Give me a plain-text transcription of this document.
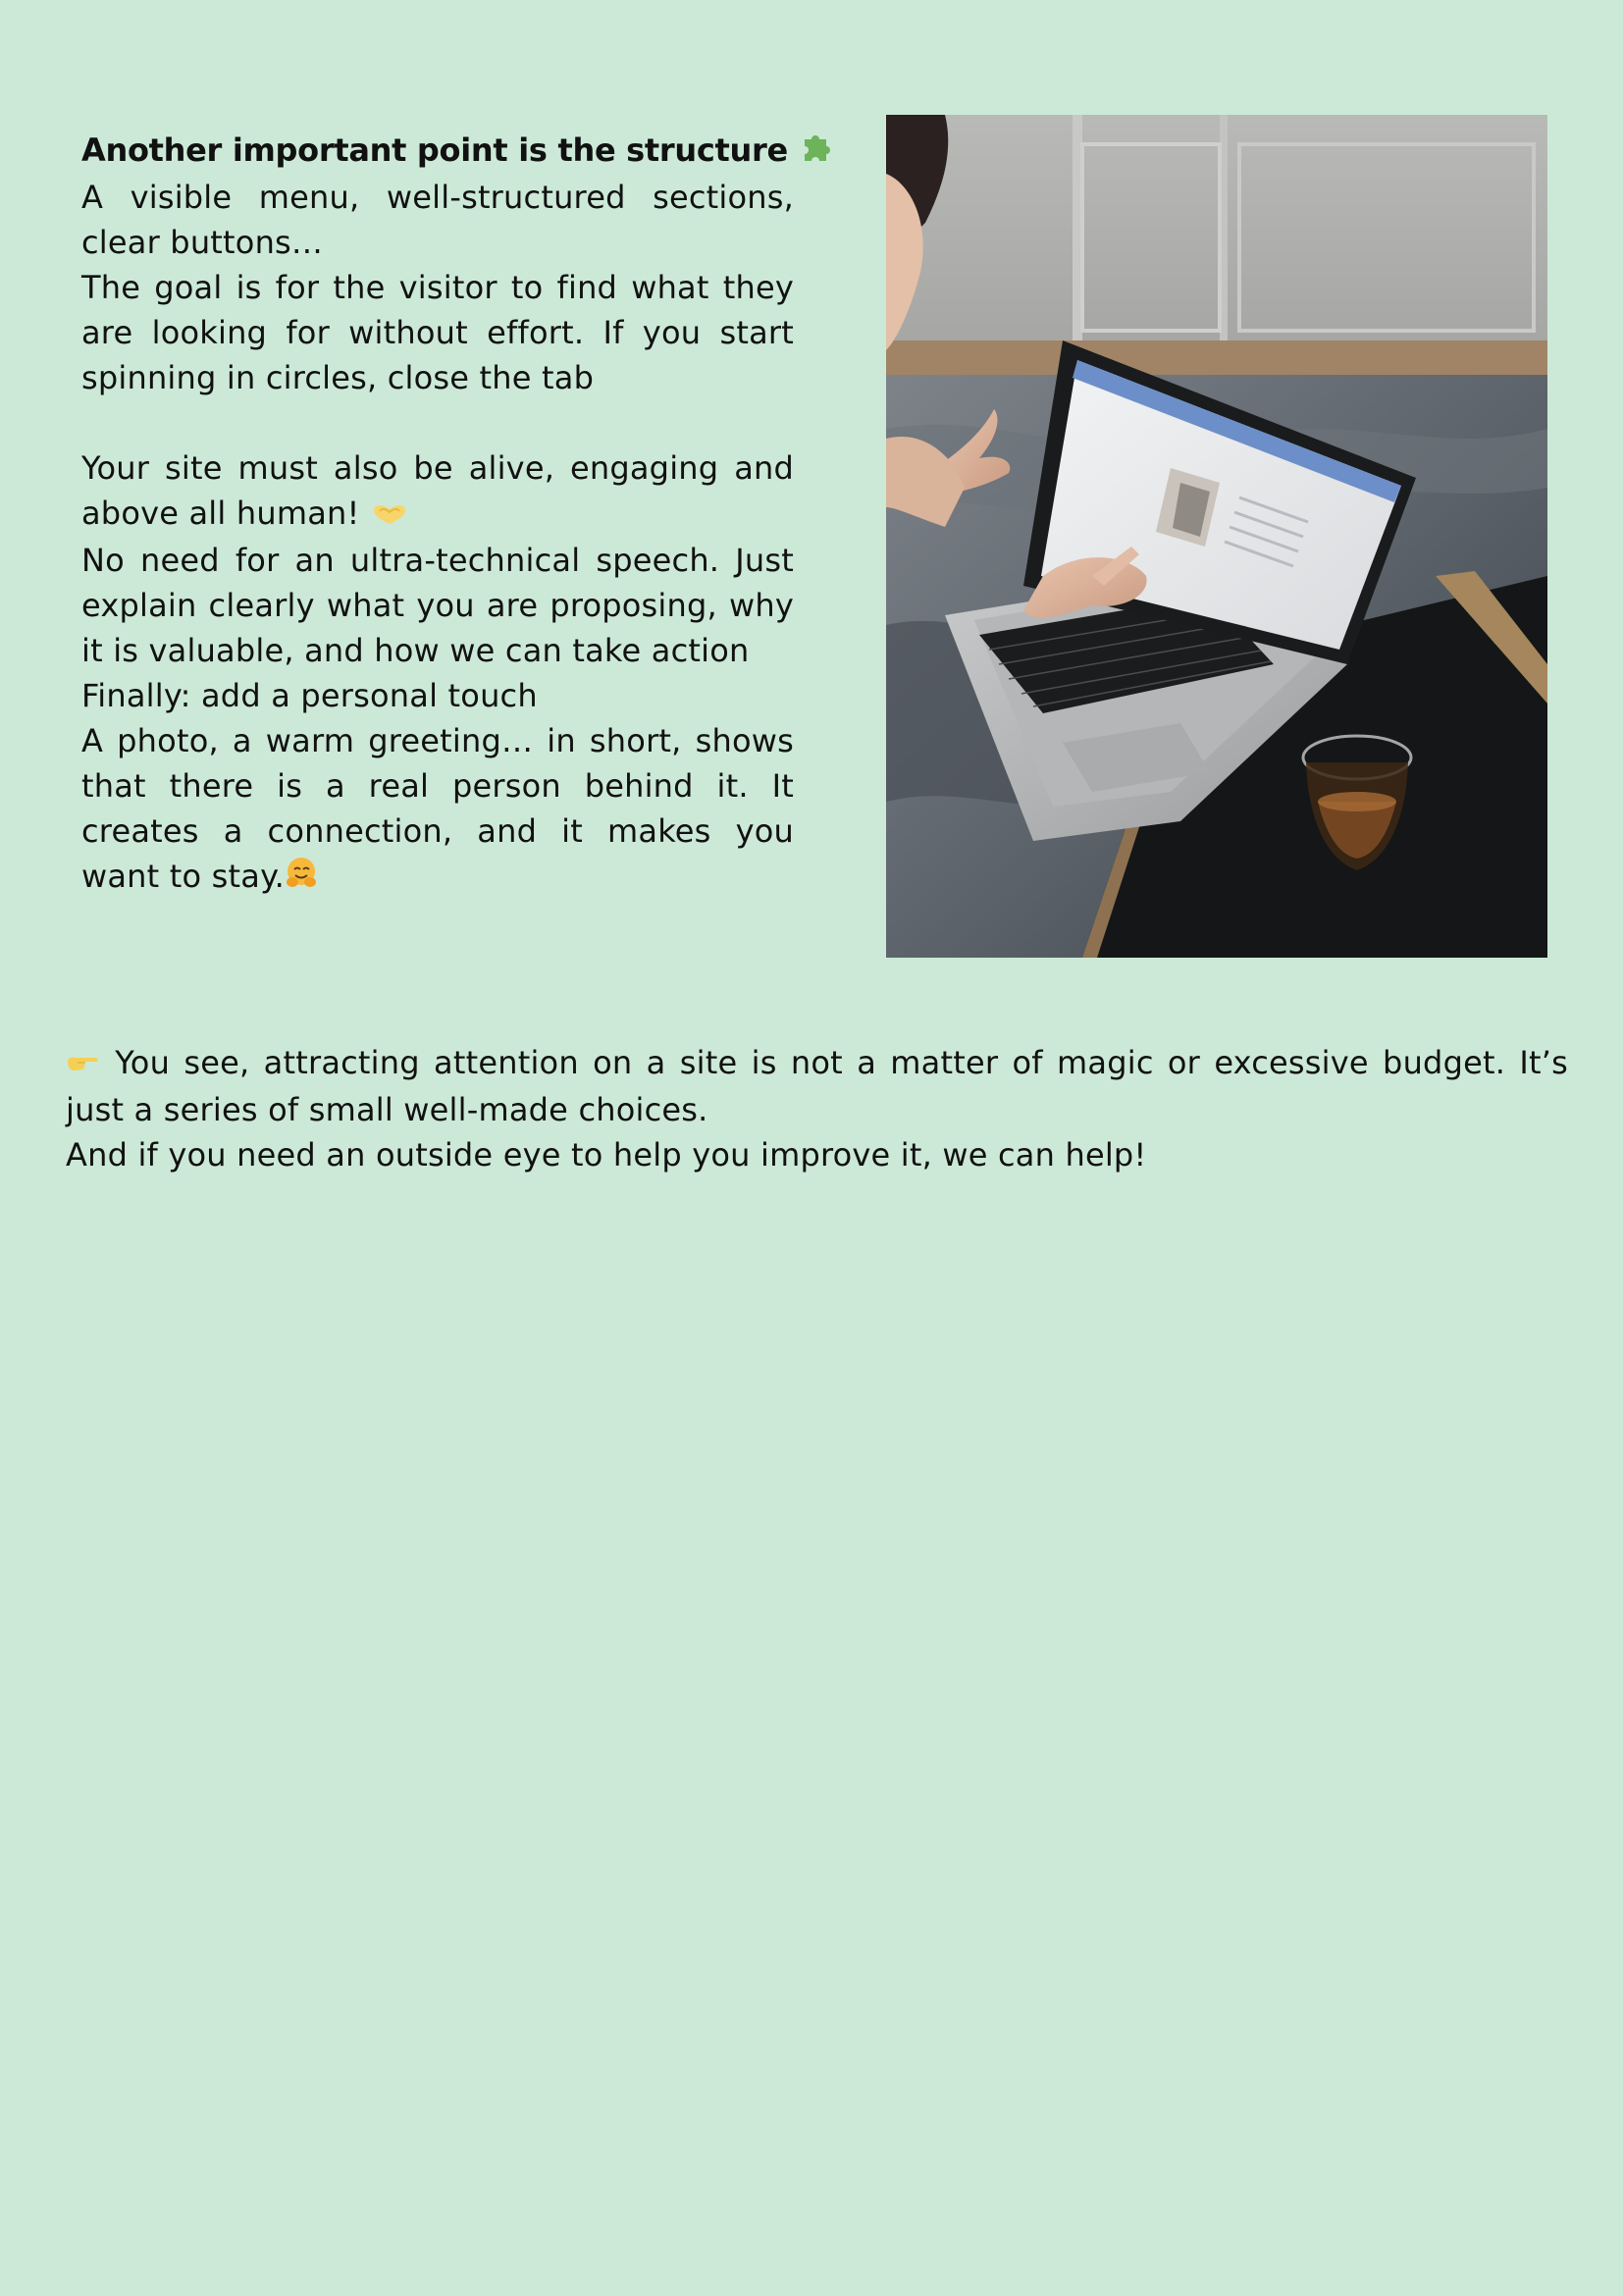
Another important point is the structure

A visible menu, well-structured sections, clear buttons…

The goal is for the visitor to find what they are looking for without effort. If you start spinning in circles, close the tab

Your site must also be alive, engaging and above all human!

No need for an ultra-technical speech. Just explain clearly what you are proposing, why it is valuable, and how we can take action

Finally: add a personal touch

A photo, a warm greeting… in short, shows that there is a real person behind it. It creates a connection, and it makes you want to stay.

You see, attracting attention on a site is not a matter of magic or excessive budget. It’s just a series of small well-made choices.

And if you need an outside eye to help you improve it, we can help!
